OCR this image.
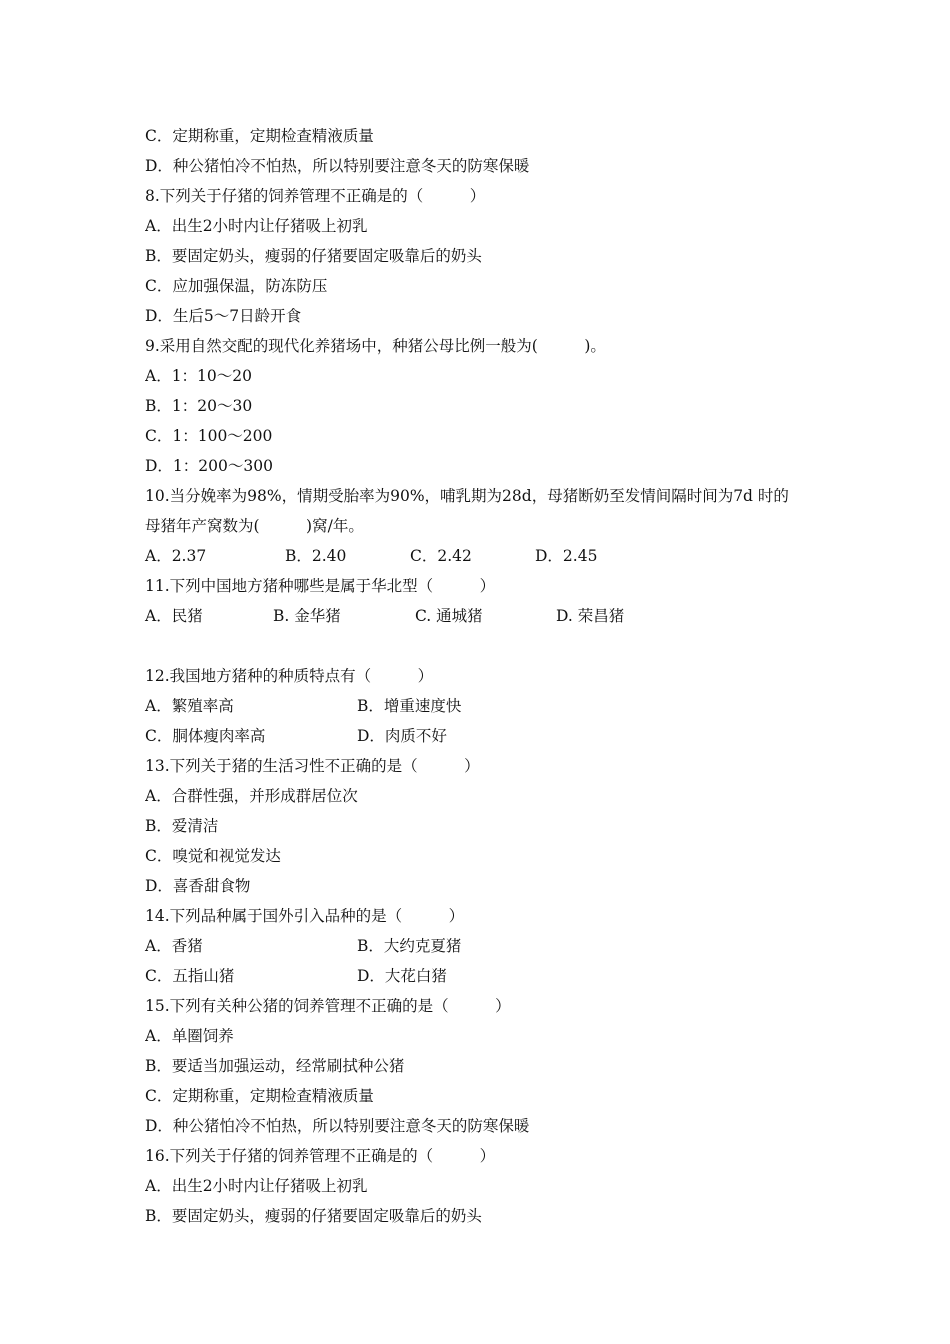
C．定期称重，定期检查精液质量
D．种公猪怕冷不怕热，所以特别要注意冬天的防寒保暖
8.下列关于仔猪的饲养管理不正确是的（　　　）
A．出生2小时内让仔猪吸上初乳
B．要固定奶头，瘦弱的仔猪要固定吸靠后的奶头
C．应加强保温，防冻防压
D．生后5～7日龄开食
9.采用自然交配的现代化养猪场中，种猪公母比例一般为(　　　)。
A．1：10～20
B．1：20～30
C．1：100～200
D．1：200～300
10.当分娩率为98%，情期受胎率为90%，哺乳期为28d，母猪断奶至发情间隔时间为7d 时的
母猪年产窝数为(　　　)窝/年。
A．2.37	B．2.40	C．2.42	D．2.45
11.下列中国地方猪种哪些是属于华北型（　　　）
A．民猪	B. 金华猪	C. 通城猪	D. 荣昌猪
12.我国地方猪种的种质特点有（　　　）
A．繁殖率高	B．增重速度快
C．胴体瘦肉率高	D．肉质不好
13.下列关于猪的生活习性不正确的是（　　　）
A．合群性强，并形成群居位次
B．爱清洁
C．嗅觉和视觉发达
D．喜香甜食物
14.下列品种属于国外引入品种的是（　　　）
A．香猪	B．大约克夏猪
C．五指山猪	D．大花白猪
15.下列有关种公猪的饲养管理不正确的是（　　　）
A．单圈饲养
B．要适当加强运动，经常刷拭种公猪
C．定期称重，定期检查精液质量
D．种公猪怕冷不怕热，所以特别要注意冬天的防寒保暖
16.下列关于仔猪的饲养管理不正确是的（　　　）
A．出生2小时内让仔猪吸上初乳
B．要固定奶头，瘦弱的仔猪要固定吸靠后的奶头
